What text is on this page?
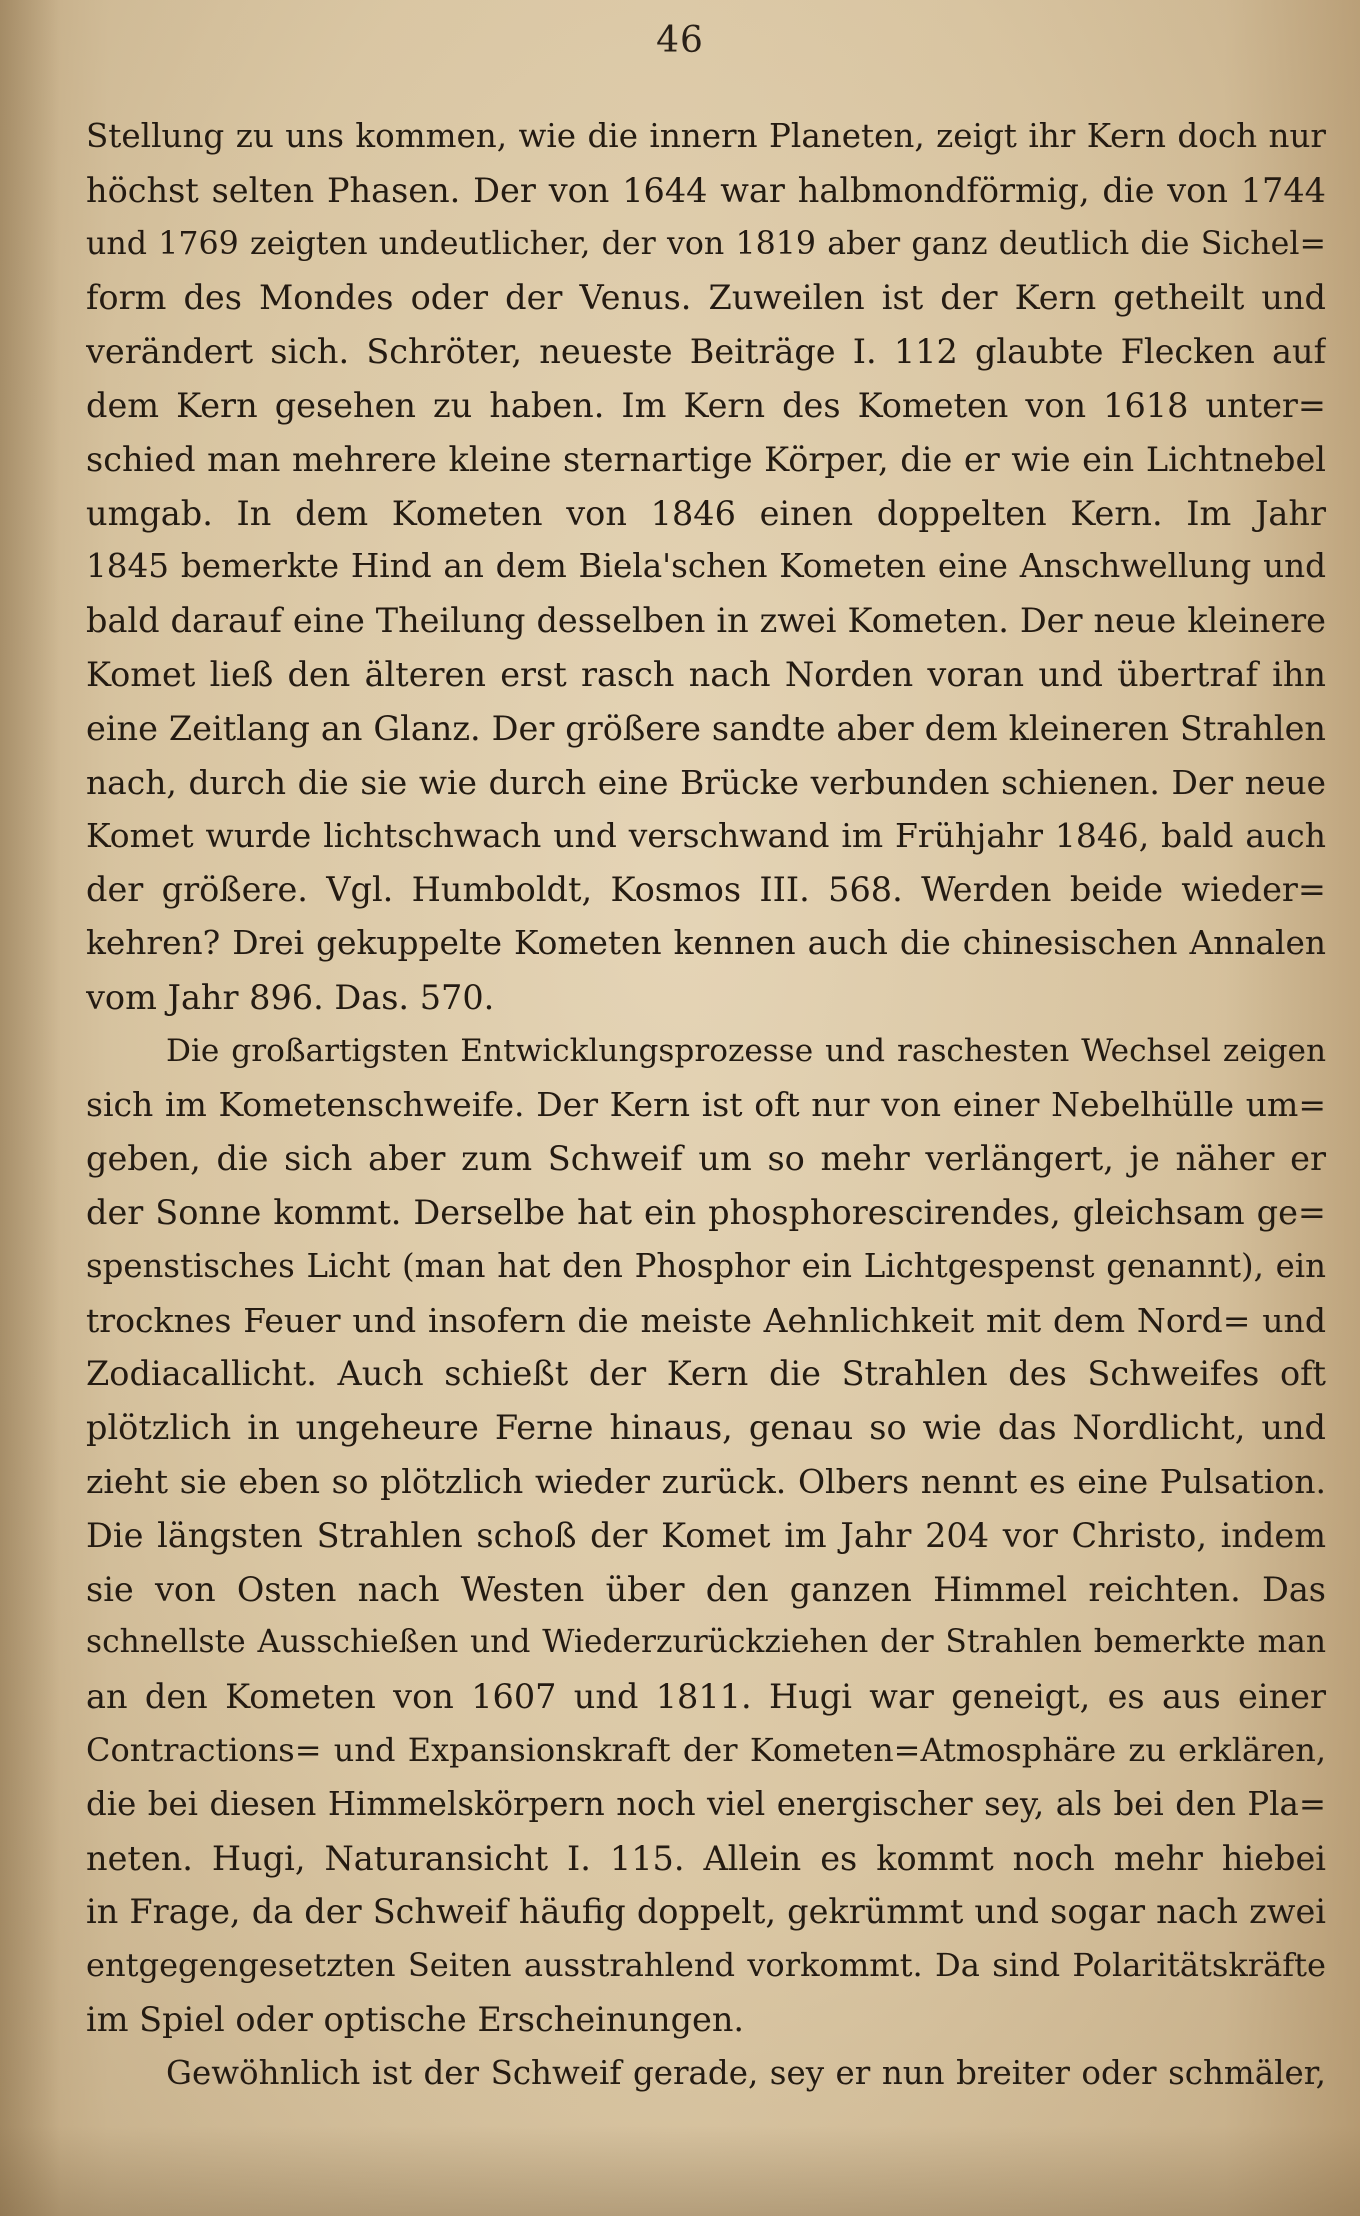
46
Stellung zu uns kommen, wie die innern Planeten, zeigt ihr Kern doch nur
höchst selten Phasen. Der von 1644 war halbmondförmig, die von 1744
und 1769 zeigten undeutlicher, der von 1819 aber ganz deutlich die Sichel=
form des Mondes oder der Venus. Zuweilen ist der Kern getheilt und
verändert sich. Schröter, neueste Beiträge I. 112 glaubte Flecken auf
dem Kern gesehen zu haben. Im Kern des Kometen von 1618 unter=
schied man mehrere kleine sternartige Körper, die er wie ein Lichtnebel
umgab. In dem Kometen von 1846 einen doppelten Kern. Im Jahr
1845 bemerkte Hind an dem Biela'schen Kometen eine Anschwellung und
bald darauf eine Theilung desselben in zwei Kometen. Der neue kleinere
Komet ließ den älteren erst rasch nach Norden voran und übertraf ihn
eine Zeitlang an Glanz. Der größere sandte aber dem kleineren Strahlen
nach, durch die sie wie durch eine Brücke verbunden schienen. Der neue
Komet wurde lichtschwach und verschwand im Frühjahr 1846, bald auch
der größere. Vgl. Humboldt, Kosmos III. 568. Werden beide wieder=
kehren? Drei gekuppelte Kometen kennen auch die chinesischen Annalen
vom Jahr 896. Das. 570.
Die großartigsten Entwicklungsprozesse und raschesten Wechsel zeigen
sich im Kometenschweife. Der Kern ist oft nur von einer Nebelhülle um=
geben, die sich aber zum Schweif um so mehr verlängert, je näher er
der Sonne kommt. Derselbe hat ein phosphorescirendes, gleichsam ge=
spenstisches Licht (man hat den Phosphor ein Lichtgespenst genannt), ein
trocknes Feuer und insofern die meiste Aehnlichkeit mit dem Nord= und
Zodiacallicht. Auch schießt der Kern die Strahlen des Schweifes oft
plötzlich in ungeheure Ferne hinaus, genau so wie das Nordlicht, und
zieht sie eben so plötzlich wieder zurück. Olbers nennt es eine Pulsation.
Die längsten Strahlen schoß der Komet im Jahr 204 vor Christo, indem
sie von Osten nach Westen über den ganzen Himmel reichten. Das
schnellste Ausschießen und Wiederzurückziehen der Strahlen bemerkte man
an den Kometen von 1607 und 1811. Hugi war geneigt, es aus einer
Contractions= und Expansionskraft der Kometen=Atmosphäre zu erklären,
die bei diesen Himmelskörpern noch viel energischer sey, als bei den Pla=
neten. Hugi, Naturansicht I. 115. Allein es kommt noch mehr hiebei
in Frage, da der Schweif häufig doppelt, gekrümmt und sogar nach zwei
entgegengesetzten Seiten ausstrahlend vorkommt. Da sind Polaritätskräfte
im Spiel oder optische Erscheinungen.
Gewöhnlich ist der Schweif gerade, sey er nun breiter oder schmäler,
